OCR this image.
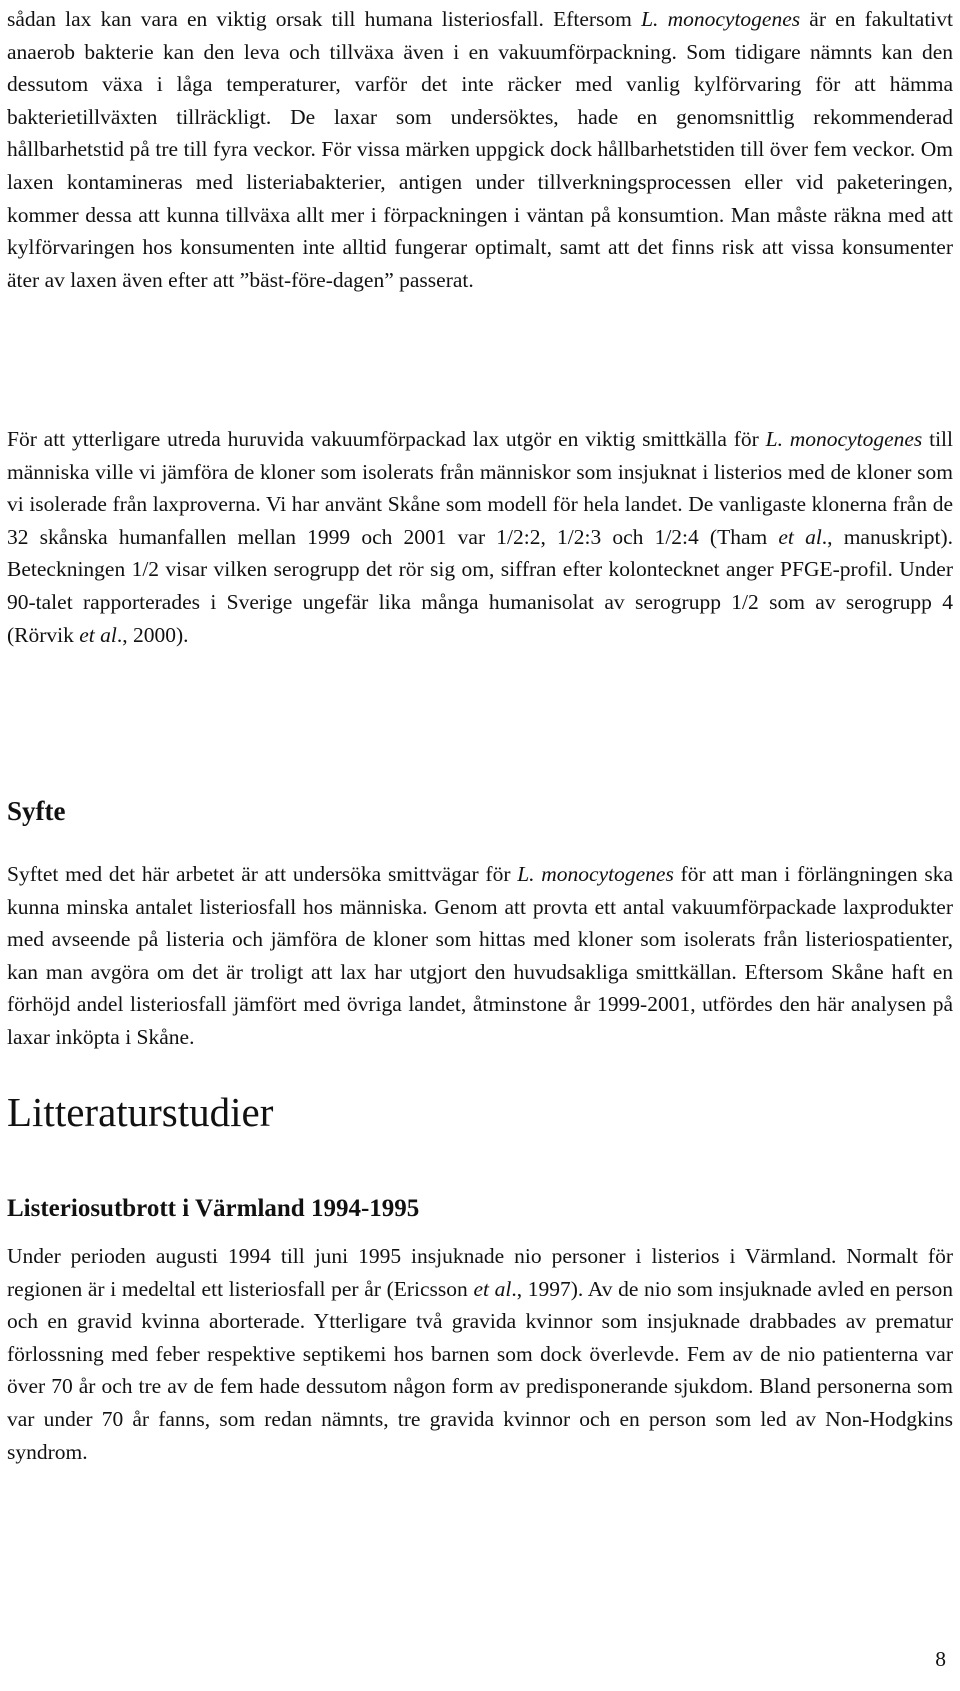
sådan lax kan vara en viktig orsak till humana listeriosfall. Eftersom L. monocytogenes är en fakultativt anaerob bakterie kan den leva och tillväxa även i en vakuumförpackning. Som tidigare nämnts kan den dessutom växa i låga temperaturer, varför det inte räcker med vanlig kylförvaring för att hämma bakterietillväxten tillräckligt. De laxar som undersöktes, hade en genomsnittlig rekommenderad hållbarhetstid på tre till fyra veckor. För vissa märken uppgick dock hållbarhetstiden till över fem veckor. Om laxen kontamineras med listeriabakterier, antigen under tillverkningsprocessen eller vid paketeringen, kommer dessa att kunna tillväxa allt mer i förpackningen i väntan på konsumtion. Man måste räkna med att kylförvaringen hos konsumenten inte alltid fungerar optimalt, samt att det finns risk att vissa konsumenter äter av laxen även efter att ”bäst-före-dagen” passerat.

För att ytterligare utreda huruvida vakuumförpackad lax utgör en viktig smittkälla för L. monocytogenes till människa ville vi jämföra de kloner som isolerats från människor som insjuknat i listerios med de kloner som vi isolerade från laxproverna. Vi har använt Skåne som modell för hela landet. De vanligaste klonerna från de 32 skånska humanfallen mellan 1999 och 2001 var 1/2:2, 1/2:3 och 1/2:4 (Tham et al., manuskript). Beteckningen 1/2 visar vilken serogrupp det rör sig om, siffran efter kolontecknet anger PFGE-profil. Under 90-talet rapporterades i Sverige ungefär lika många humanisolat av serogrupp 1/2 som av serogrupp 4 (Rörvik et al., 2000).

Syfte

Syftet med det här arbetet är att undersöka smittvägar för L. monocytogenes för att man i förlängningen ska kunna minska antalet listeriosfall hos människa. Genom att provta ett antal vakuumförpackade laxprodukter med avseende på listeria och jämföra de kloner som hittas med kloner som isolerats från listeriospatienter, kan man avgöra om det är troligt att lax har utgjort den huvudsakliga smittkällan. Eftersom Skåne haft en förhöjd andel listeriosfall jämfört med övriga landet, åtminstone år 1999-2001, utfördes den här analysen på laxar inköpta i Skåne.

Litteraturstudier
Listeriosutbrott i Värmland 1994-1995

Under perioden augusti 1994 till juni 1995 insjuknade nio personer i listerios i Värmland. Normalt för regionen är i medeltal ett listeriosfall per år (Ericsson et al., 1997). Av de nio som insjuknade avled en person och en gravid kvinna aborterade. Ytterligare två gravida kvinnor som insjuknade drabbades av prematur förlossning med feber respektive septikemi hos barnen som dock överlevde. Fem av de nio patienterna var över 70 år och tre av de fem hade dessutom någon form av predisponerande sjukdom. Bland personerna som var under 70 år fanns, som redan nämnts, tre gravida kvinnor och en person som led av Non-Hodgkins syndrom.

8
